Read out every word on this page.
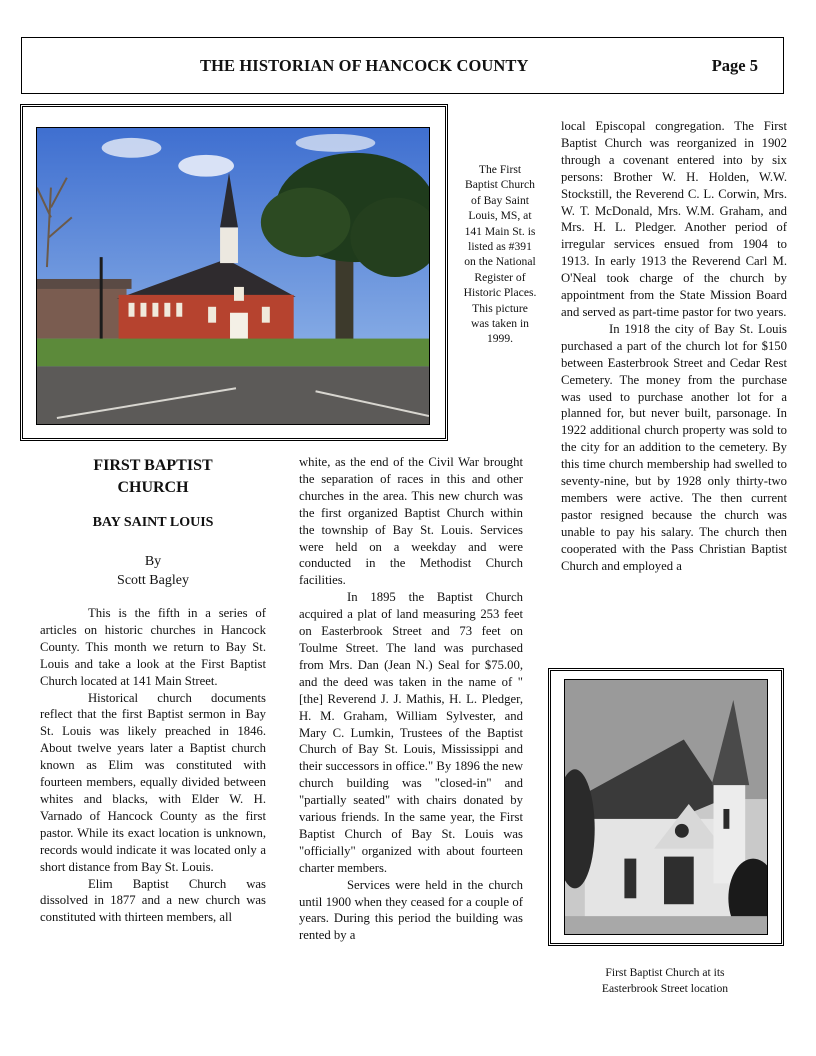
THE HISTORIAN OF HANCOCK COUNTY	Page 5
The First Baptist Church of Bay Saint Louis, MS, at 141 Main St. is listed as #391 on the National Register of Historic Places. This picture was taken in 1999.
First Baptist Church at its
Easterbrook Street location
FIRST BAPTIST
CHURCH
BAY SAINT LOUIS
By
Scott Bagley

This is the fifth in a series of articles on historic churches in Hancock County. This month we return to Bay St. Louis and take a look at the First Baptist Church located at 141 Main Street.

Historical church documents reflect that the first Baptist sermon in Bay St. Louis was likely preached in 1846. About twelve years later a Baptist church known as Elim was constituted with fourteen members, equally divided between whites and blacks, with Elder W. H. Varnado of Hancock County as the first pastor. While its exact location is unknown, records would indicate it was located only a short distance from Bay St. Louis.

Elim Baptist Church was dissolved in 1877 and a new church was constituted with thirteen members, all

white, as the end of the Civil War brought the separation of races in this and other churches in the area. This new church was the first organized Baptist Church within the township of Bay St. Louis. Services were held on a weekday and were conducted in the Methodist Church facilities.

In 1895 the Baptist Church acquired a plat of land measuring 253 feet on Easterbrook Street and 73 feet on Toulme Street. The land was purchased from Mrs. Dan (Jean N.) Seal for $75.00, and the deed was taken in the name of "[the] Reverend J. J. Mathis, H. L. Pledger, H. M. Graham, William Sylvester, and Mary C. Lumkin, Trustees of the Baptist Church of Bay St. Louis, Mississippi and their successors in office." By 1896 the new church building was "closed-in" and "partially seated" with chairs donated by various friends. In the same year, the First Baptist Church of Bay St. Louis was "officially" organized with about fourteen charter members.

Services were held in the church until 1900 when they ceased for a couple of years. During this period the building was rented by a

local Episcopal congregation. The First Baptist Church was reorganized in 1902 through a covenant entered into by six persons: Brother W. H. Holden, W.W. Stockstill, the Reverend C. L. Corwin, Mrs. W. T. McDonald, Mrs. W.M. Graham, and Mrs. H. L. Pledger. Another period of irregular services ensued from 1904 to 1913. In early 1913 the Reverend Carl M. O'Neal took charge of the church by appointment from the State Mission Board and served as part-time pastor for two years.

In 1918 the city of Bay St. Louis purchased a part of the church lot for $150 between Easterbrook Street and Cedar Rest Cemetery. The money from the purchase was used to purchase another lot for a planned for, but never built, parsonage. In 1922 additional church property was sold to the city for an addition to the cemetery. By this time church membership had swelled to seventy-nine, but by 1928 only thirty-two members were active. The then current pastor resigned because the church was unable to pay his salary. The church then cooperated with the Pass Christian Baptist Church and employed a
